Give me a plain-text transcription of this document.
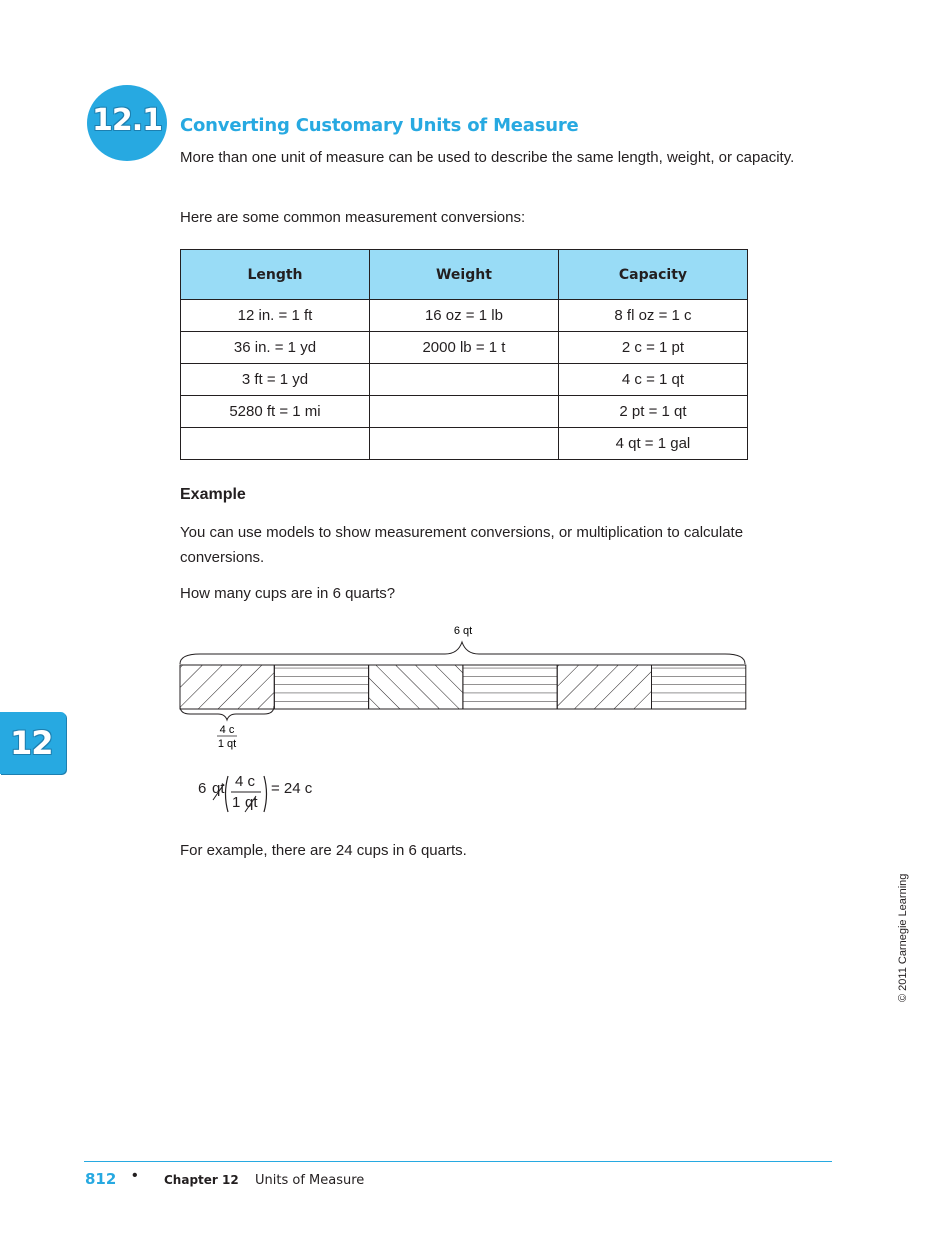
12.1 Converting Customary Units of Measure
More than one unit of measure can be used to describe the same length, weight, or capacity.
Here are some common measurement conversions:
Length	Weight	Capacity
12 in. = 1 ft	16 oz = 1 lb	8 fl oz = 1 c
36 in. = 1 yd	2000 lb = 1 t	2 c = 1 pt
3 ft = 1 yd		4 c = 1 qt
5280 ft = 1 mi		2 pt = 1 qt
		4 qt = 1 gal
Example
You can use models to show measurement conversions, or multiplication to calculate conversions.
How many cups are in 6 quarts?
6 qt
4 c
1 qt
12
6 qt 4 c
1 qt
= 24 c
For example, there are 24 cups in 6 quarts.
© 2011 Carnegie Learning
812 • Chapter 12 Units of Measure
